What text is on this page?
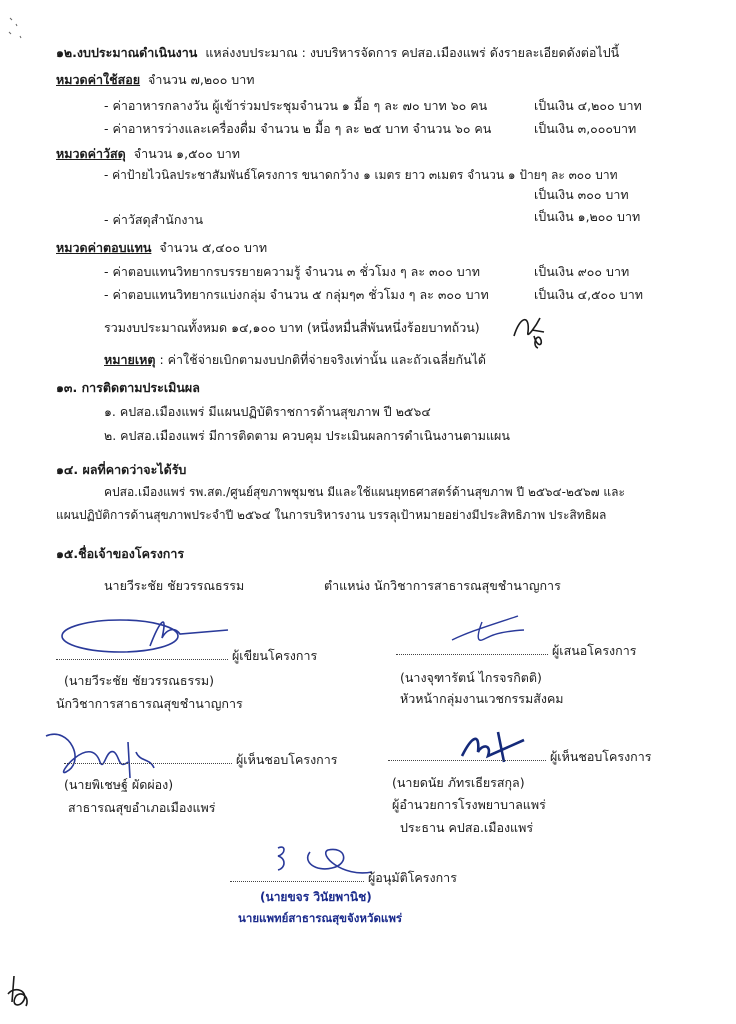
๑๒.งบประมาณดำเนินงาน แหล่งงบประมาณ : งบบริหารจัดการ คปสอ.เมืองแพร่ ดังรายละเอียดดังต่อไปนี้
หมวดค่าใช้สอย จำนวน ๗,๒๐๐ บาท
- ค่าอาหารกลางวัน ผู้เข้าร่วมประชุมจำนวน ๑ มื้อ ๆ ละ ๗๐ บาท ๖๐ คน	เป็นเงิน ๔,๒๐๐ บาท
- ค่าอาหารว่างและเครื่องดื่ม จำนวน ๒ มื้อ ๆ ละ ๒๕ บาท จำนวน ๖๐ คน	เป็นเงิน ๓,๐๐๐บาท
หมวดค่าวัสดุ จำนวน ๑,๕๐๐ บาท
- ค่าป้ายไวนิลประชาสัมพันธ์โครงการ ขนาดกว้าง ๑ เมตร ยาว ๓เมตร จำนวน ๑ ป้ายๆ ละ ๓๐๐ บาท
เป็นเงิน ๓๐๐ บาท
- ค่าวัสดุสำนักงาน	เป็นเงิน ๑,๒๐๐ บาท
หมวดค่าตอบแทน จำนวน ๕,๔๐๐ บาท
- ค่าตอบแทนวิทยากรบรรยายความรู้ จำนวน ๓ ชั่วโมง ๆ ละ ๓๐๐ บาท	เป็นเงิน ๙๐๐ บาท
- ค่าตอบแทนวิทยากรแบ่งกลุ่ม จำนวน ๕ กลุ่มๆ๓ ชั่วโมง ๆ ละ ๓๐๐ บาท	เป็นเงิน ๔,๕๐๐ บาท
รวมงบประมาณทั้งหมด ๑๔,๑๐๐ บาท (หนึ่งหมื่นสี่พันหนึ่งร้อยบาทถ้วน)
หมายเหตุ : ค่าใช้จ่ายเบิกตามงบปกติที่จ่ายจริงเท่านั้น และถัวเฉลี่ยกันได้
๑๓. การติดตามประเมินผล
๑. คปสอ.เมืองแพร่ มีแผนปฏิบัติราชการด้านสุขภาพ ปี ๒๕๖๔
๒. คปสอ.เมืองแพร่ มีการติดตาม ควบคุม ประเมินผลการดำเนินงานตามแผน
๑๔. ผลที่คาดว่าจะได้รับ
คปสอ.เมืองแพร่ รพ.สต./ศูนย์สุขภาพชุมชน มีและใช้แผนยุทธศาสตร์ด้านสุขภาพ ปี ๒๕๖๔-๒๕๖๗ และ
แผนปฏิบัติการด้านสุขภาพประจำปี ๒๕๖๔ ในการบริหารงาน บรรลุเป้าหมายอย่างมีประสิทธิภาพ ประสิทธิผล
๑๕.ชื่อเจ้าของโครงการ
นายวีระชัย ชัยวรรณธรรม	ตำแหน่ง นักวิชาการสาธารณสุขชำนาญการ
ผู้เขียนโครงการ
(นายวีระชัย ชัยวรรณธรรม)
นักวิชาการสาธารณสุขชำนาญการ
ผู้เสนอโครงการ
(นางจุฑารัตน์ ไกรจรกิตติ)
หัวหน้ากลุ่มงานเวชกรรมสังคม
ผู้เห็นชอบโครงการ
(นายพิเชษฐ์ ผัดผ่อง)
สาธารณสุขอำเภอเมืองแพร่
ผู้เห็นชอบโครงการ
(นายดนัย ภัทรเธียรสกุล)
ผู้อำนวยการโรงพยาบาลแพร่
ประธาน คปสอ.เมืองแพร่
ผู้อนุมัติโครงการ
(นายขจร วินัยพานิช)
นายแพทย์สาธารณสุขจังหวัดแพร่
